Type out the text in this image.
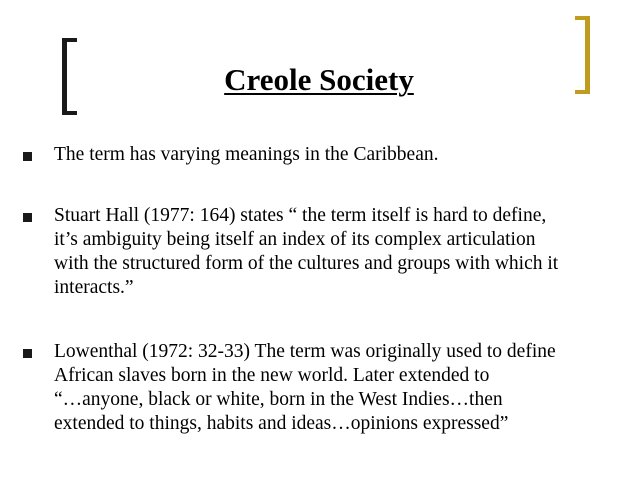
Creole Society
The term has varying meanings in the Caribbean.
Stuart Hall (1977: 164) states “ the term itself is hard to define,
it’s ambiguity being itself an index of its complex articulation
with the structured form of the cultures and groups with which it
interacts.”
Lowenthal (1972: 32-33) The term was originally used to define
African slaves born in the new world. Later extended to
“…anyone, black or white, born in the West Indies…then
extended to things, habits and ideas…opinions expressed”
